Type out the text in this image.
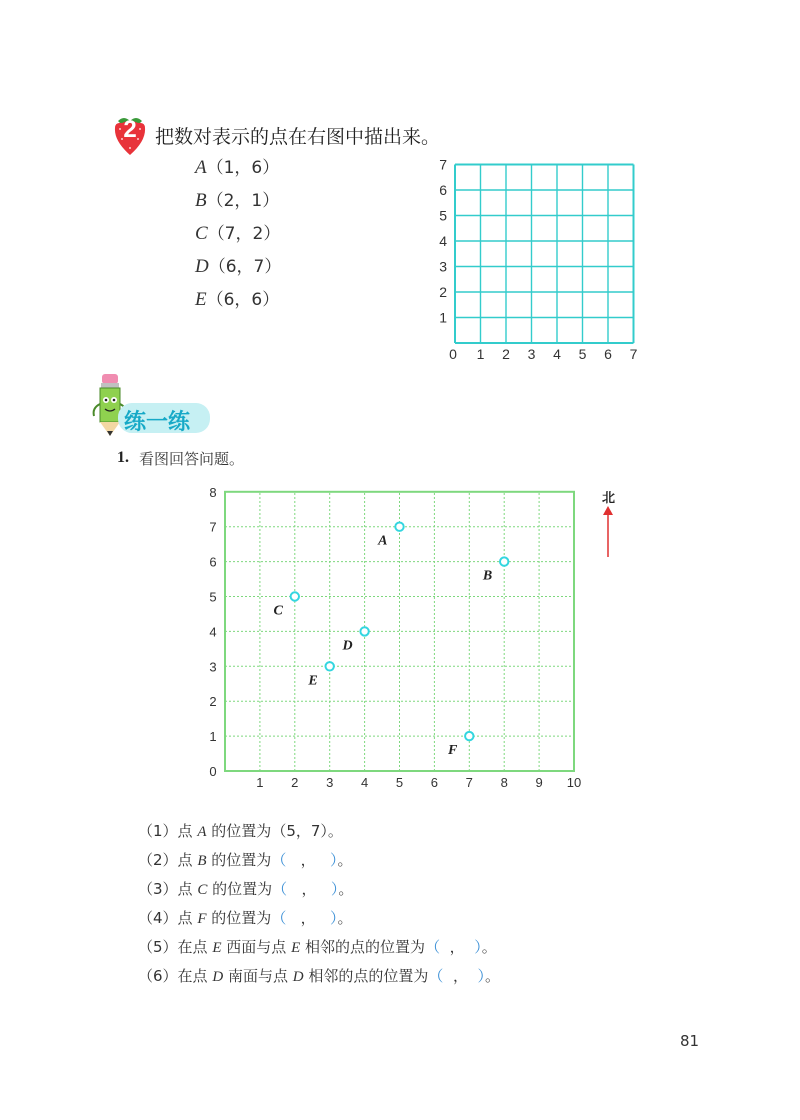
2 把数对表示的点在右图中描出来。
A（1，6）
B（2，1）
C（7，2）
D（6，7）
E（6，6）
0 1 2 3 4 5 6 7
1
2
3
4
5
6
7
练一练
1. 看图回答问题。
1 2 3 4 5 6 7 8 9 10
0
1
2
3
4
5
6
7
8
A
B
C
D
E
F
北
（1）点 A 的位置为（5，7）。
（2）点 B 的位置为（ ， ）。
（3）点 C 的位置为（ ， ）。
（4）点 F 的位置为（ ， ）。
（5）在点 E 西面与点 E 相邻的点的位置为（ ， ）。
（6）在点 D 南面与点 D 相邻的点的位置为（ ， ）。
81
